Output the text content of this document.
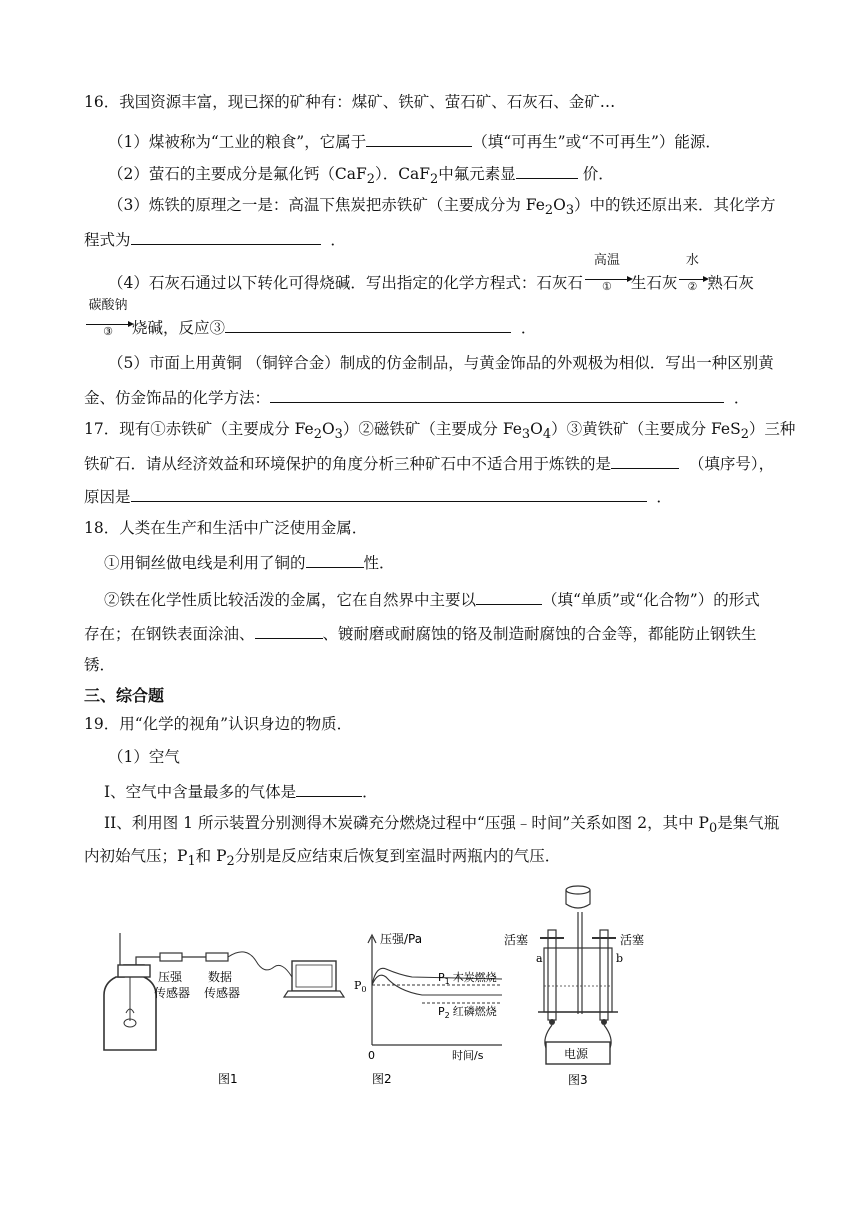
16．我国资源丰富，现已探的矿种有：煤矿、铁矿、萤石矿、石灰石、金矿…
（1）煤被称为“工业的粮食”，它属于	（填“可再生”或“不可再生”）能源．
（2）萤石的主要成分是氟化钙（CaF$_2$）．CaF$_2$中氟元素显	价．
（3）炼铁的原理之一是：高温下焦炭把赤铁矿（主要成分为 $Fe_2O_3$）中的铁还原出来．其化学方
程式为	．
（4）石灰石通过以下转化可得烧碱．写出指定的化学方程式：石灰石
高温
①	生石灰
水
② 熟石灰
碳酸钠
③	烧碱，反应③	．
（5）市面上用黄铜 （铜锌合金）制成的仿金制品，与黄金饰品的外观极为相似．写出一种区别黄
金、仿金饰品的化学方法：	．
17．现有①赤铁矿（主要成分 $Fe_2O_3)②$磁铁矿（主要成分 $Fe_3O_4)③$黄铁矿（主要成分 FeS$_2$）三种
铁矿石．请从经济效益和环境保护的角度分析三种矿石中不适合用于炼铁的是	（填序号），
原因是	．
18．人类在生产和生活中广泛使用金属．
①用铜丝做电线是利用了铜的	性．
②铁在化学性质比较活泼的金属，它在自然界中主要以	（填“单质”或“化合物”）的形式
存在；在钢铁表面涂油、	、镀耐磨或耐腐蚀的铬及制造耐腐蚀的合金等，都能防止钢铁生
锈．
三、综合题
19．用“化学的视角”认识身边的物质．
（1）空气
I、空气中含量最多的气体是	．
II、利用图 1 所示装置分别测得木炭磷充分燃烧过程中“压强﹣时间”关系如图 2，其中 $P_0$是集气瓶
内初始气压；$P_1$和 $P_2$分别是反应结束后恢复到室温时两瓶内的气压．
压强
传感器
数据
传感器
图1
压强/Pa
$P_0$
$P_1$ 木炭燃烧
$P_2$ 红磷燃烧
0	时间/s
图2
活塞	活塞
a	b
电源
图3
